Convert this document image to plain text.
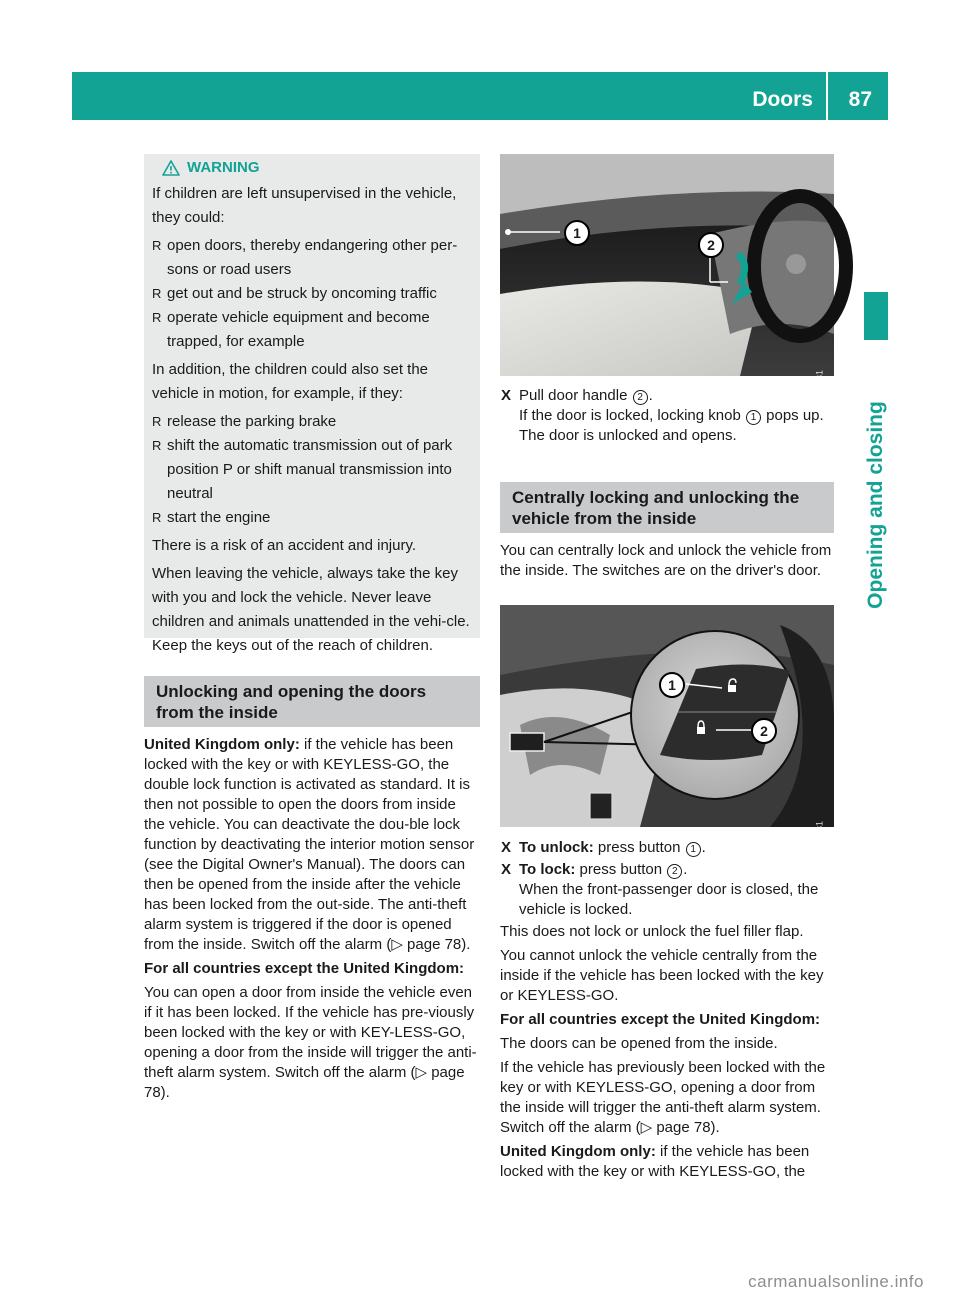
Doors 87
Opening and closing
WARNING

If children are left unsupervised in the vehicle, they could:

R open doors, thereby endangering other per-sons or road users
R get out and be struck by oncoming traffic
R operate vehicle equipment and become trapped, for example

In addition, the children could also set the vehicle in motion, for example, if they:

R release the parking brake
R shift the automatic transmission out of park position P or shift manual transmission into neutral
R start the engine

There is a risk of an accident and injury.

When leaving the vehicle, always take the key with you and lock the vehicle. Never leave children and animals unattended in the vehi-cle. Keep the keys out of the reach of children.

Unlocking and opening the doors from the inside

United Kingdom only: if the vehicle has been locked with the key or with KEYLESS-GO, the double lock function is activated as standard. It is then not possible to open the doors from inside the vehicle. You can deactivate the dou-ble lock function by deactivating the interior motion sensor (see the Digital Owner's Manual). The doors can then be opened from the inside after the vehicle has been locked from the out-side. The anti-theft alarm system is triggered if the door is opened from the inside. Switch off the alarm (▷ page 78).

For all countries except the United Kingdom:

You can open a door from inside the vehicle even if it has been locked. If the vehicle has pre-viously been locked with the key or with KEY-LESS-GO, opening a door from the inside will trigger the anti-theft alarm system. Switch off the alarm (▷ page 78).

P80.30-2304-31
1
2
X Pull door handle 2 .
If the door is locked, locking knob 1 pops up.
The door is unlocked and opens.
Centrally locking and unlocking the vehicle from the inside

You can centrally lock and unlock the vehicle from the inside. The switches are on the driver's door.

P80.20-3902-31
1
2
X To unlock: press button 1 .
X To lock: press button 2 .
When the front-passenger door is closed, the vehicle is locked.

This does not lock or unlock the fuel filler flap.

You cannot unlock the vehicle centrally from the inside if the vehicle has been locked with the key or KEYLESS-GO.

For all countries except the United Kingdom:

The doors can be opened from the inside.

If the vehicle has previously been locked with the key or with KEYLESS-GO, opening a door from the inside will trigger the anti-theft alarm system. Switch off the alarm (▷ page 78).

United Kingdom only: if the vehicle has been locked with the key or with KEYLESS-GO, the

carmanualsonline.info
